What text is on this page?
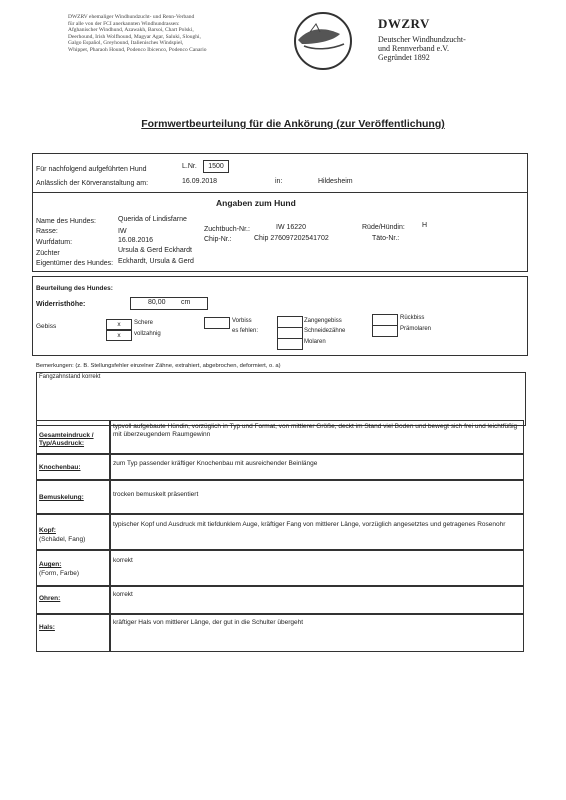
DWZRV ehemaliger Windhundzucht- und Renn-Verband
für alle von der FCI anerkannten Windhundrassen:
Afghanischer Windhund, Azawakh, Barsoi, Chart Polski,
Deerhound, Irish Wolfhound, Magyar Agar, Saluki, Sloughi,
Galgo Español, Greyhound, Italienisches Windspiel,
Whippet, Pharaoh Hound, Podenco Ibicenco, Podenco Canario
DWZRV
Deutscher Windhundzucht-
und Rennverband e.V.
Gegründet 1892
Formwertbeurteilung für die Ankörung (zur Veröffentlichung)
Für nachfolgend aufgeführten Hund	L.Nr.	1500
Anlässlich der Körveranstaltung am:	16.09.2018	in:	Hildesheim
Angaben zum Hund
Name des Hundes:	Querida of Lindisfarne
Rasse:	IW	Zuchtbuch-Nr.:	IW 16220	Rüde/Hündin: H
Wurfdatum:	16.08.2016	Chip-Nr.:	Chip 276097202541702	Täto-Nr.:
Züchter	Ursula & Gerd Eckhardt
Eigentümer des Hundes: Eckhardt, Ursula & Gerd
Beurteilung des Hundes:
Widerristhöhe:	80,00 cm
Gebiss	x	Schere
x	vollzahnig
Vorbiss
es fehlen:
Zangengebiss
Schneidezähne
Molaren
Rückbiss
Prämolaren
Bemerkungen: (z. B. Stellungsfehler einzelner Zähne, extrahiert, abgebrochen, deformiert, o. a)
Fangzahnstand korrekt
Gesamteindruck / Typ/Ausdruck:
typvoll aufgebaute Hündin, vorzüglich in Typ und Format, von mittlerer Größe, deckt im Stand viel Boden und bewegt sich frei und leichtfüßig mit überzeugendem Raumgewinn
Knochenbau:
zum Typ passender kräftiger Knochenbau mit ausreichender Beinlänge
Bemuskelung:	trocken bemuskelt präsentiert
Kopf:
(Schädel, Fang)
typischer Kopf und Ausdruck mit tiefdunklem Auge, kräftiger Fang von mittlerer Länge, vorzüglich angesetztes und getragenes Rosenohr
Augen:
(Form, Farbe)
korrekt
Ohren:
korrekt
Hals:
kräftiger Hals von mittlerer Länge, der gut in die Schulter übergeht
